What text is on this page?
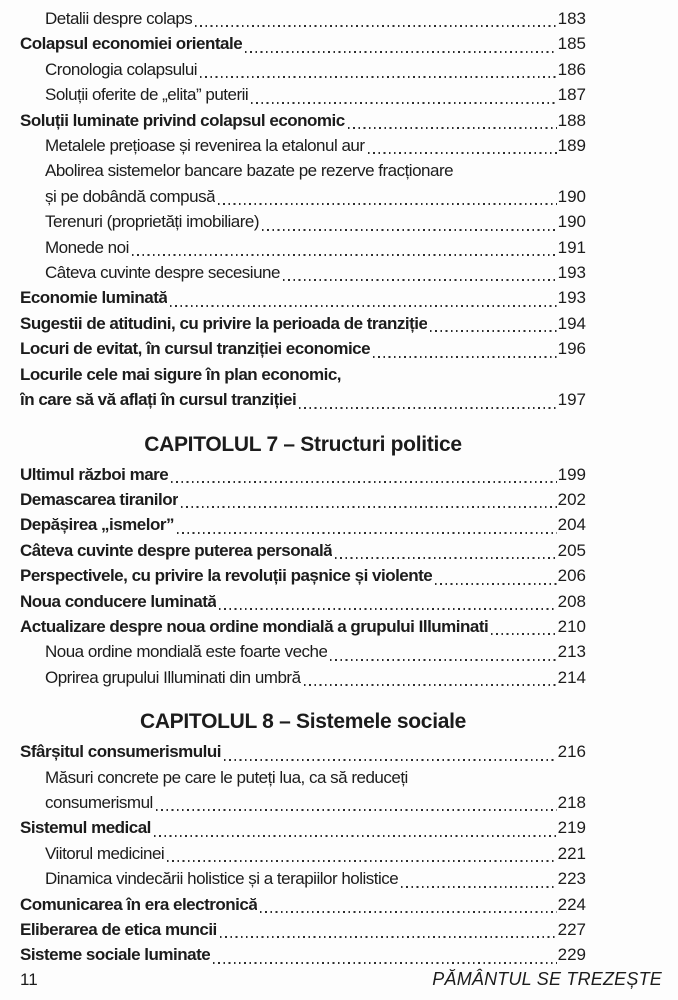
Detalii despre colaps	183
Colapsul economiei orientale	185
Cronologia colapsului	186
Soluții oferite de „elita” puterii	187
Soluții luminate privind colapsul economic	188
Metalele prețioase și revenirea la etalonul aur	189
Abolirea sistemelor bancare bazate pe rezerve fracționare
și pe dobândă compusă	190
Terenuri (proprietăți imobiliare)	190
Monede noi	191
Câteva cuvinte despre secesiune	193
Economie luminată	193
Sugestii de atitudini, cu privire la perioada de tranziție	194
Locuri de evitat, în cursul tranziției economice	196
Locurile cele mai sigure în plan economic,
în care să vă aflați în cursul tranziției	197
CAPITOLUL 7 – Structuri politice
Ultimul război mare	199
Demascarea tiranilor	202
Depășirea „ismelor”	204
Câteva cuvinte despre puterea personală	205
Perspectivele, cu privire la revoluții pașnice și violente	206
Noua conducere luminată	208
Actualizare despre noua ordine mondială a grupului Illuminati	210
Noua ordine mondială este foarte veche	213
Oprirea grupului Illuminati din umbră	214
CAPITOLUL 8 – Sistemele sociale
Sfârșitul consumerismului	216
Măsuri concrete pe care le puteți lua, ca să reduceți
consumerismul	218
Sistemul medical	219
Viitorul medicinei	221
Dinamica vindecării holistice și a terapiilor holistice	223
Comunicarea în era electronică	224
Eliberarea de etica muncii	227
Sisteme sociale luminate	229
11	PĂMÂNTUL SE TREZEȘTE
